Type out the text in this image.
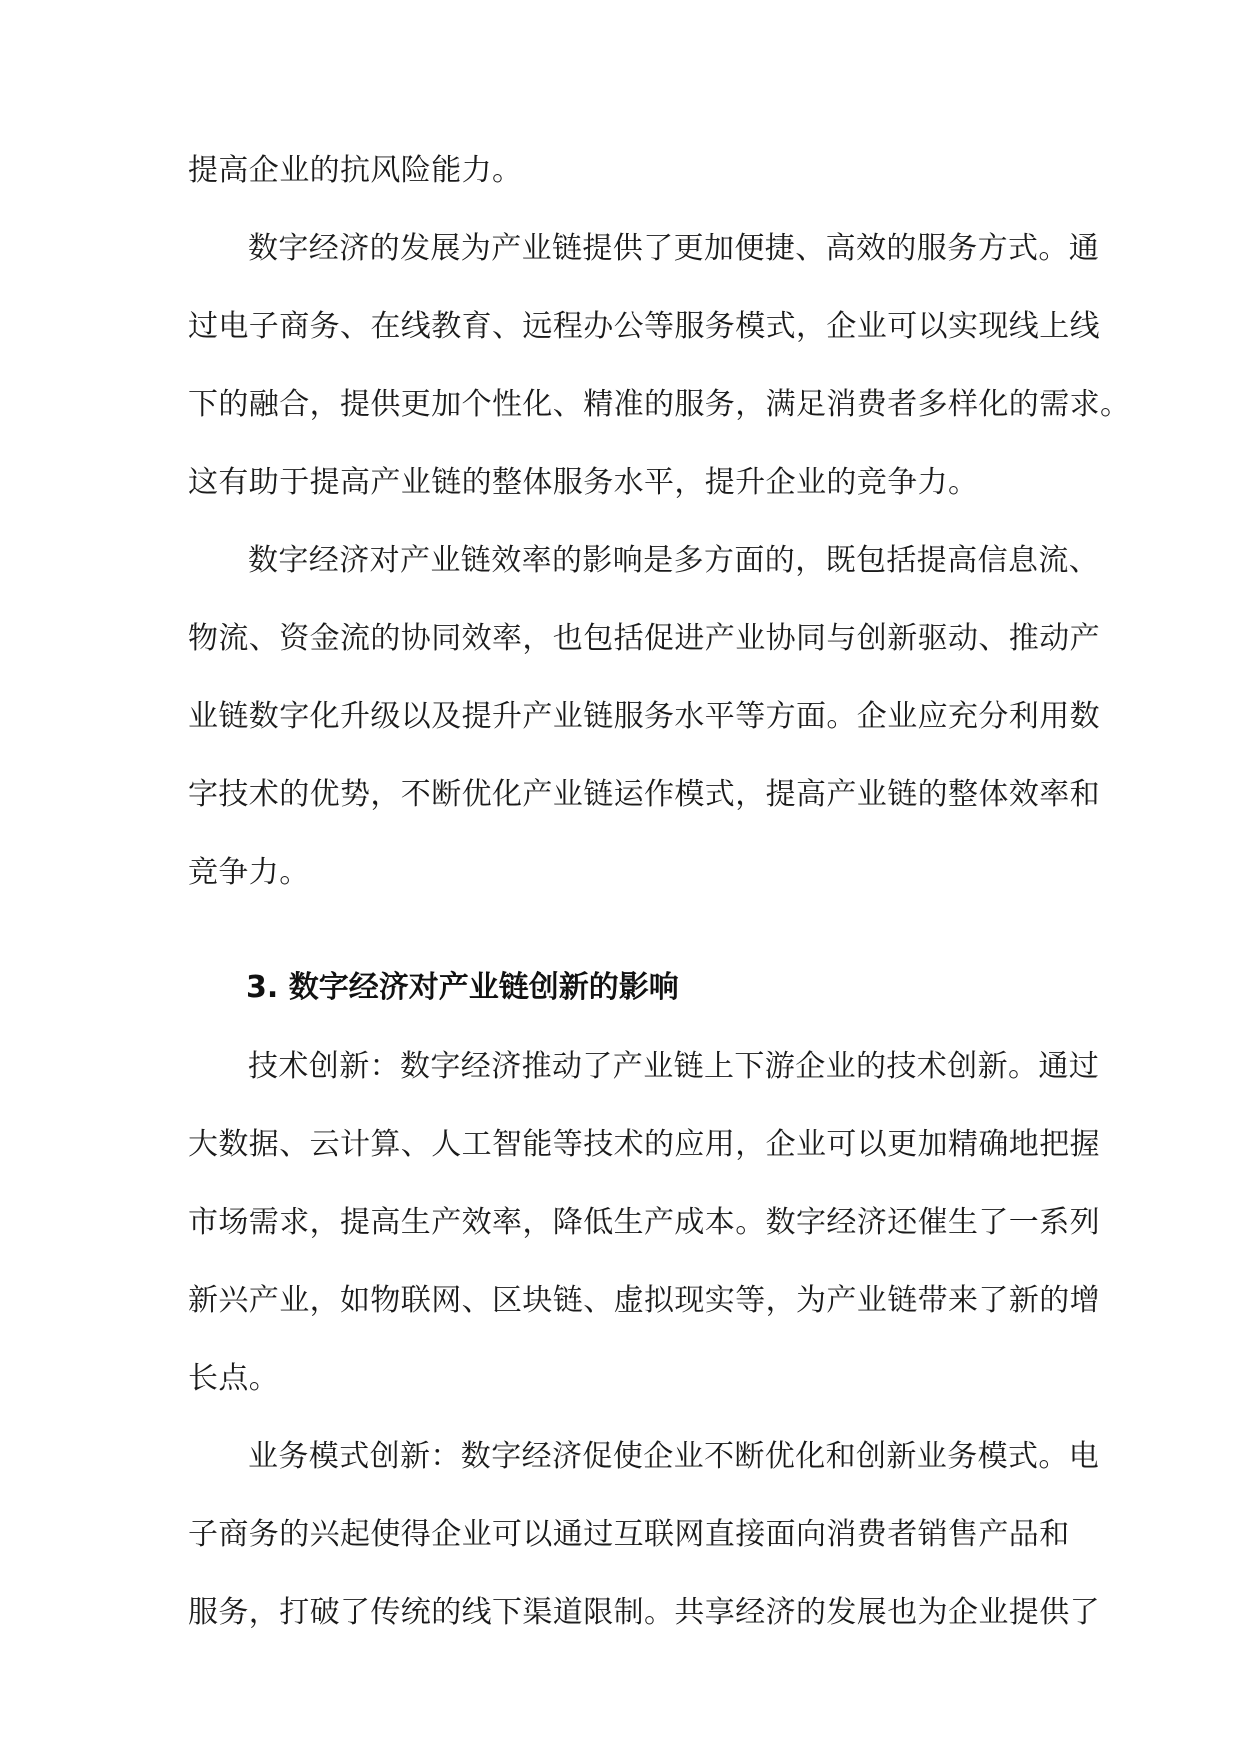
提高企业的抗风险能力。
数字经济的发展为产业链提供了更加便捷、高效的服务方式。通
过电子商务、在线教育、远程办公等服务模式，企业可以实现线上线
下的融合，提供更加个性化、精准的服务，满足消费者多样化的需求。
这有助于提高产业链的整体服务水平，提升企业的竞争力。
数字经济对产业链效率的影响是多方面的，既包括提高信息流、
物流、资金流的协同效率，也包括促进产业协同与创新驱动、推动产
业链数字化升级以及提升产业链服务水平等方面。企业应充分利用数
字技术的优势，不断优化产业链运作模式，提高产业链的整体效率和
竞争力。
3. 数字经济对产业链创新的影响
技术创新：数字经济推动了产业链上下游企业的技术创新。通过
大数据、云计算、人工智能等技术的应用，企业可以更加精确地把握
市场需求，提高生产效率，降低生产成本。数字经济还催生了一系列
新兴产业，如物联网、区块链、虚拟现实等，为产业链带来了新的增
长点。
业务模式创新：数字经济促使企业不断优化和创新业务模式。电
子商务的兴起使得企业可以通过互联网直接面向消费者销售产品和
服务，打破了传统的线下渠道限制。共享经济的发展也为企业提供了
